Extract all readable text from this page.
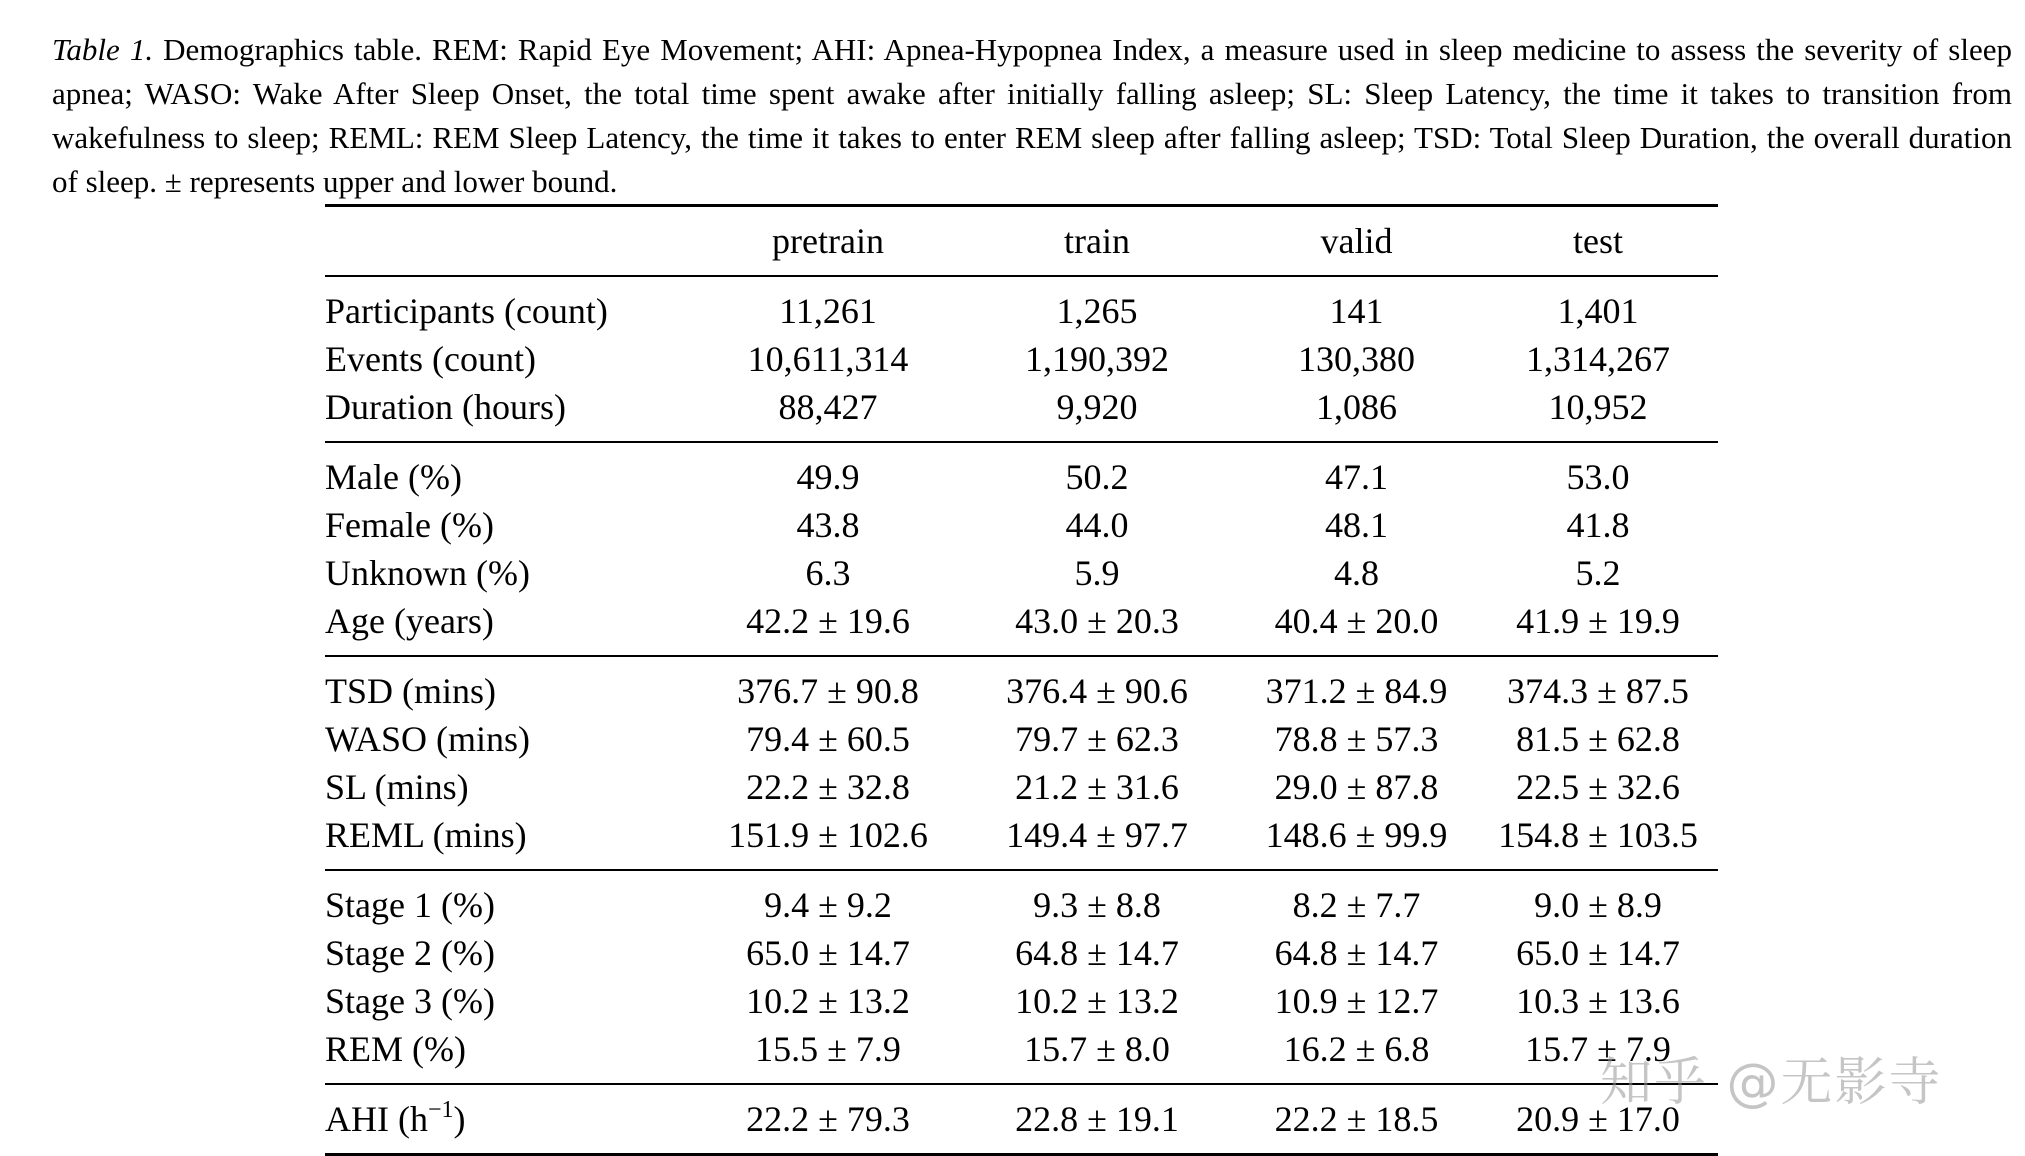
Table 1. Demographics table. REM: Rapid Eye Movement; AHI: Apnea-Hypopnea Index, a measure used in sleep medicine to assess the severity of sleep apnea; WASO: Wake After Sleep Onset, the total time spent awake after initially falling asleep; SL: Sleep Latency, the time it takes to transition from wakefulness to sleep; REML: REM Sleep Latency, the time it takes to enter REM sleep after falling asleep; TSD: Total Sleep Duration, the overall duration of sleep. ± represents upper and lower bound.
	pretrain	train	valid	test
Participants (count)	11,261	1,265	141	1,401
Events (count)	10,611,314	1,190,392	130,380	1,314,267
Duration (hours)	88,427	9,920	1,086	10,952
Male (%)	49.9	50.2	47.1	53.0
Female (%)	43.8	44.0	48.1	41.8
Unknown (%)	6.3	5.9	4.8	5.2
Age (years)	42.2 ± 19.6	43.0 ± 20.3	40.4 ± 20.0	41.9 ± 19.9
TSD (mins)	376.7 ± 90.8	376.4 ± 90.6	371.2 ± 84.9	374.3 ± 87.5
WASO (mins)	79.4 ± 60.5	79.7 ± 62.3	78.8 ± 57.3	81.5 ± 62.8
SL (mins)	22.2 ± 32.8	21.2 ± 31.6	29.0 ± 87.8	22.5 ± 32.6
REML (mins)	151.9 ± 102.6	149.4 ± 97.7	148.6 ± 99.9	154.8 ± 103.5
Stage 1 (%)	9.4 ± 9.2	9.3 ± 8.8	8.2 ± 7.7	9.0 ± 8.9
Stage 2 (%)	65.0 ± 14.7	64.8 ± 14.7	64.8 ± 14.7	65.0 ± 14.7
Stage 3 (%)	10.2 ± 13.2	10.2 ± 13.2	10.9 ± 12.7	10.3 ± 13.6
REM (%)	15.5 ± 7.9	15.7 ± 8.0	16.2 ± 6.8	15.7 ± 7.9
AHI $(h^{-1})$	22.2 ± 79.3	22.8 ± 19.1	22.2 ± 18.5	20.9 ± 17.0
知乎 @无影寺
